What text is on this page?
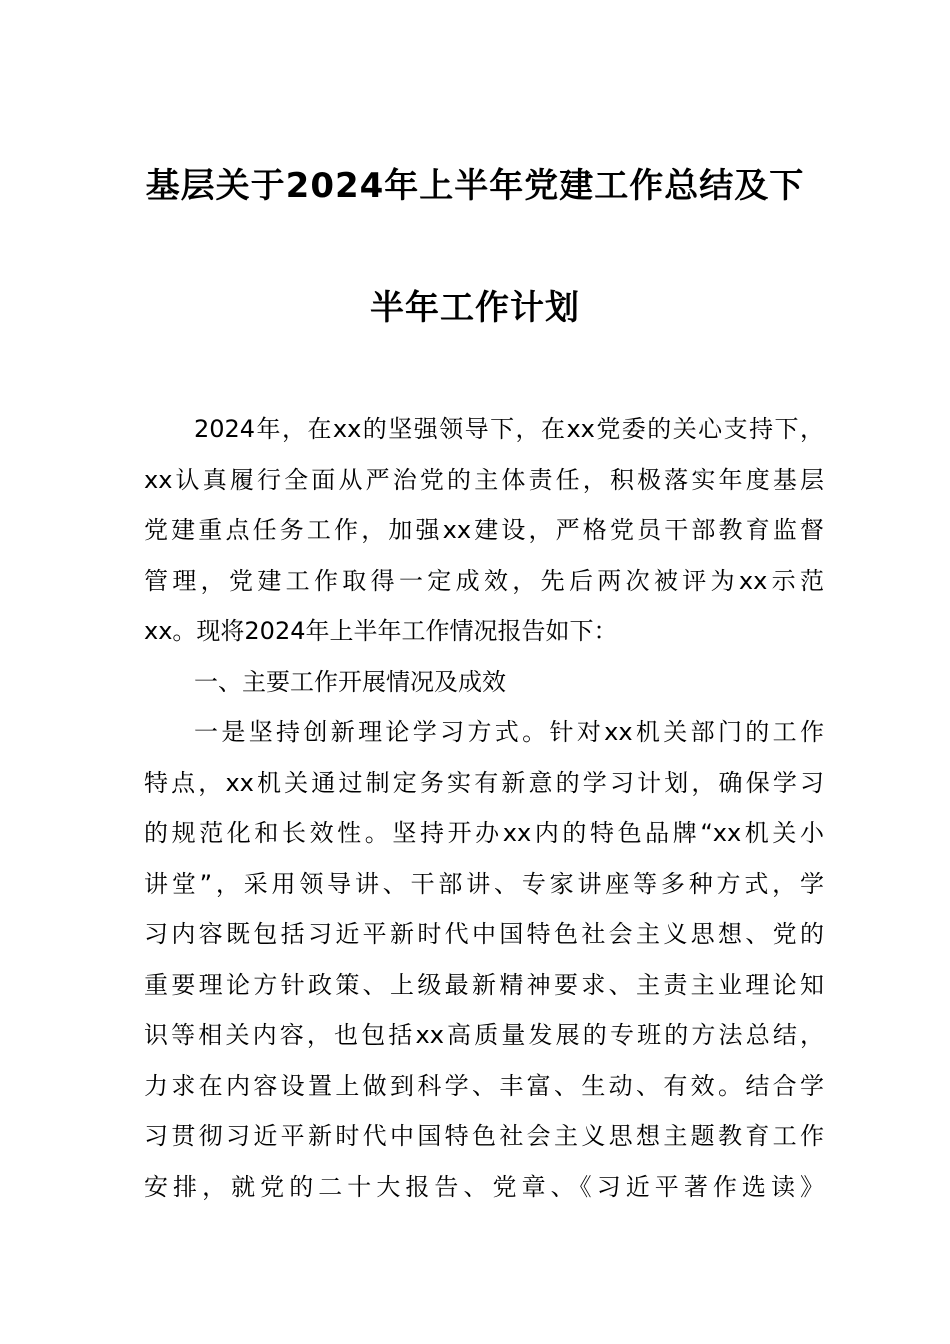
基层关于2024年上半年党建工作总结及下
半年工作计划
2024年，在xx的坚强领导下，在xx党委的关心支持下，
xx认真履行全面从严治党的主体责任，积极落实年度基层
党建重点任务工作，加强xx建设，严格党员干部教育监督
管理，党建工作取得一定成效，先后两次被评为xx示范
xx。现将2024年上半年工作情况报告如下：
一、主要工作开展情况及成效
一是坚持创新理论学习方式。针对xx机关部门的工作
特点，xx机关通过制定务实有新意的学习计划，确保学习
的规范化和长效性。坚持开办xx内的特色品牌“xx机关小
讲堂”，采用领导讲、干部讲、专家讲座等多种方式，学
习内容既包括习近平新时代中国特色社会主义思想、党的
重要理论方针政策、上级最新精神要求、主责主业理论知
识等相关内容，也包括xx高质量发展的专班的方法总结，
力求在内容设置上做到科学、丰富、生动、有效。结合学
习贯彻习近平新时代中国特色社会主义思想主题教育工作
安排，就党的二十大报告、党章、《习近平著作选读》
